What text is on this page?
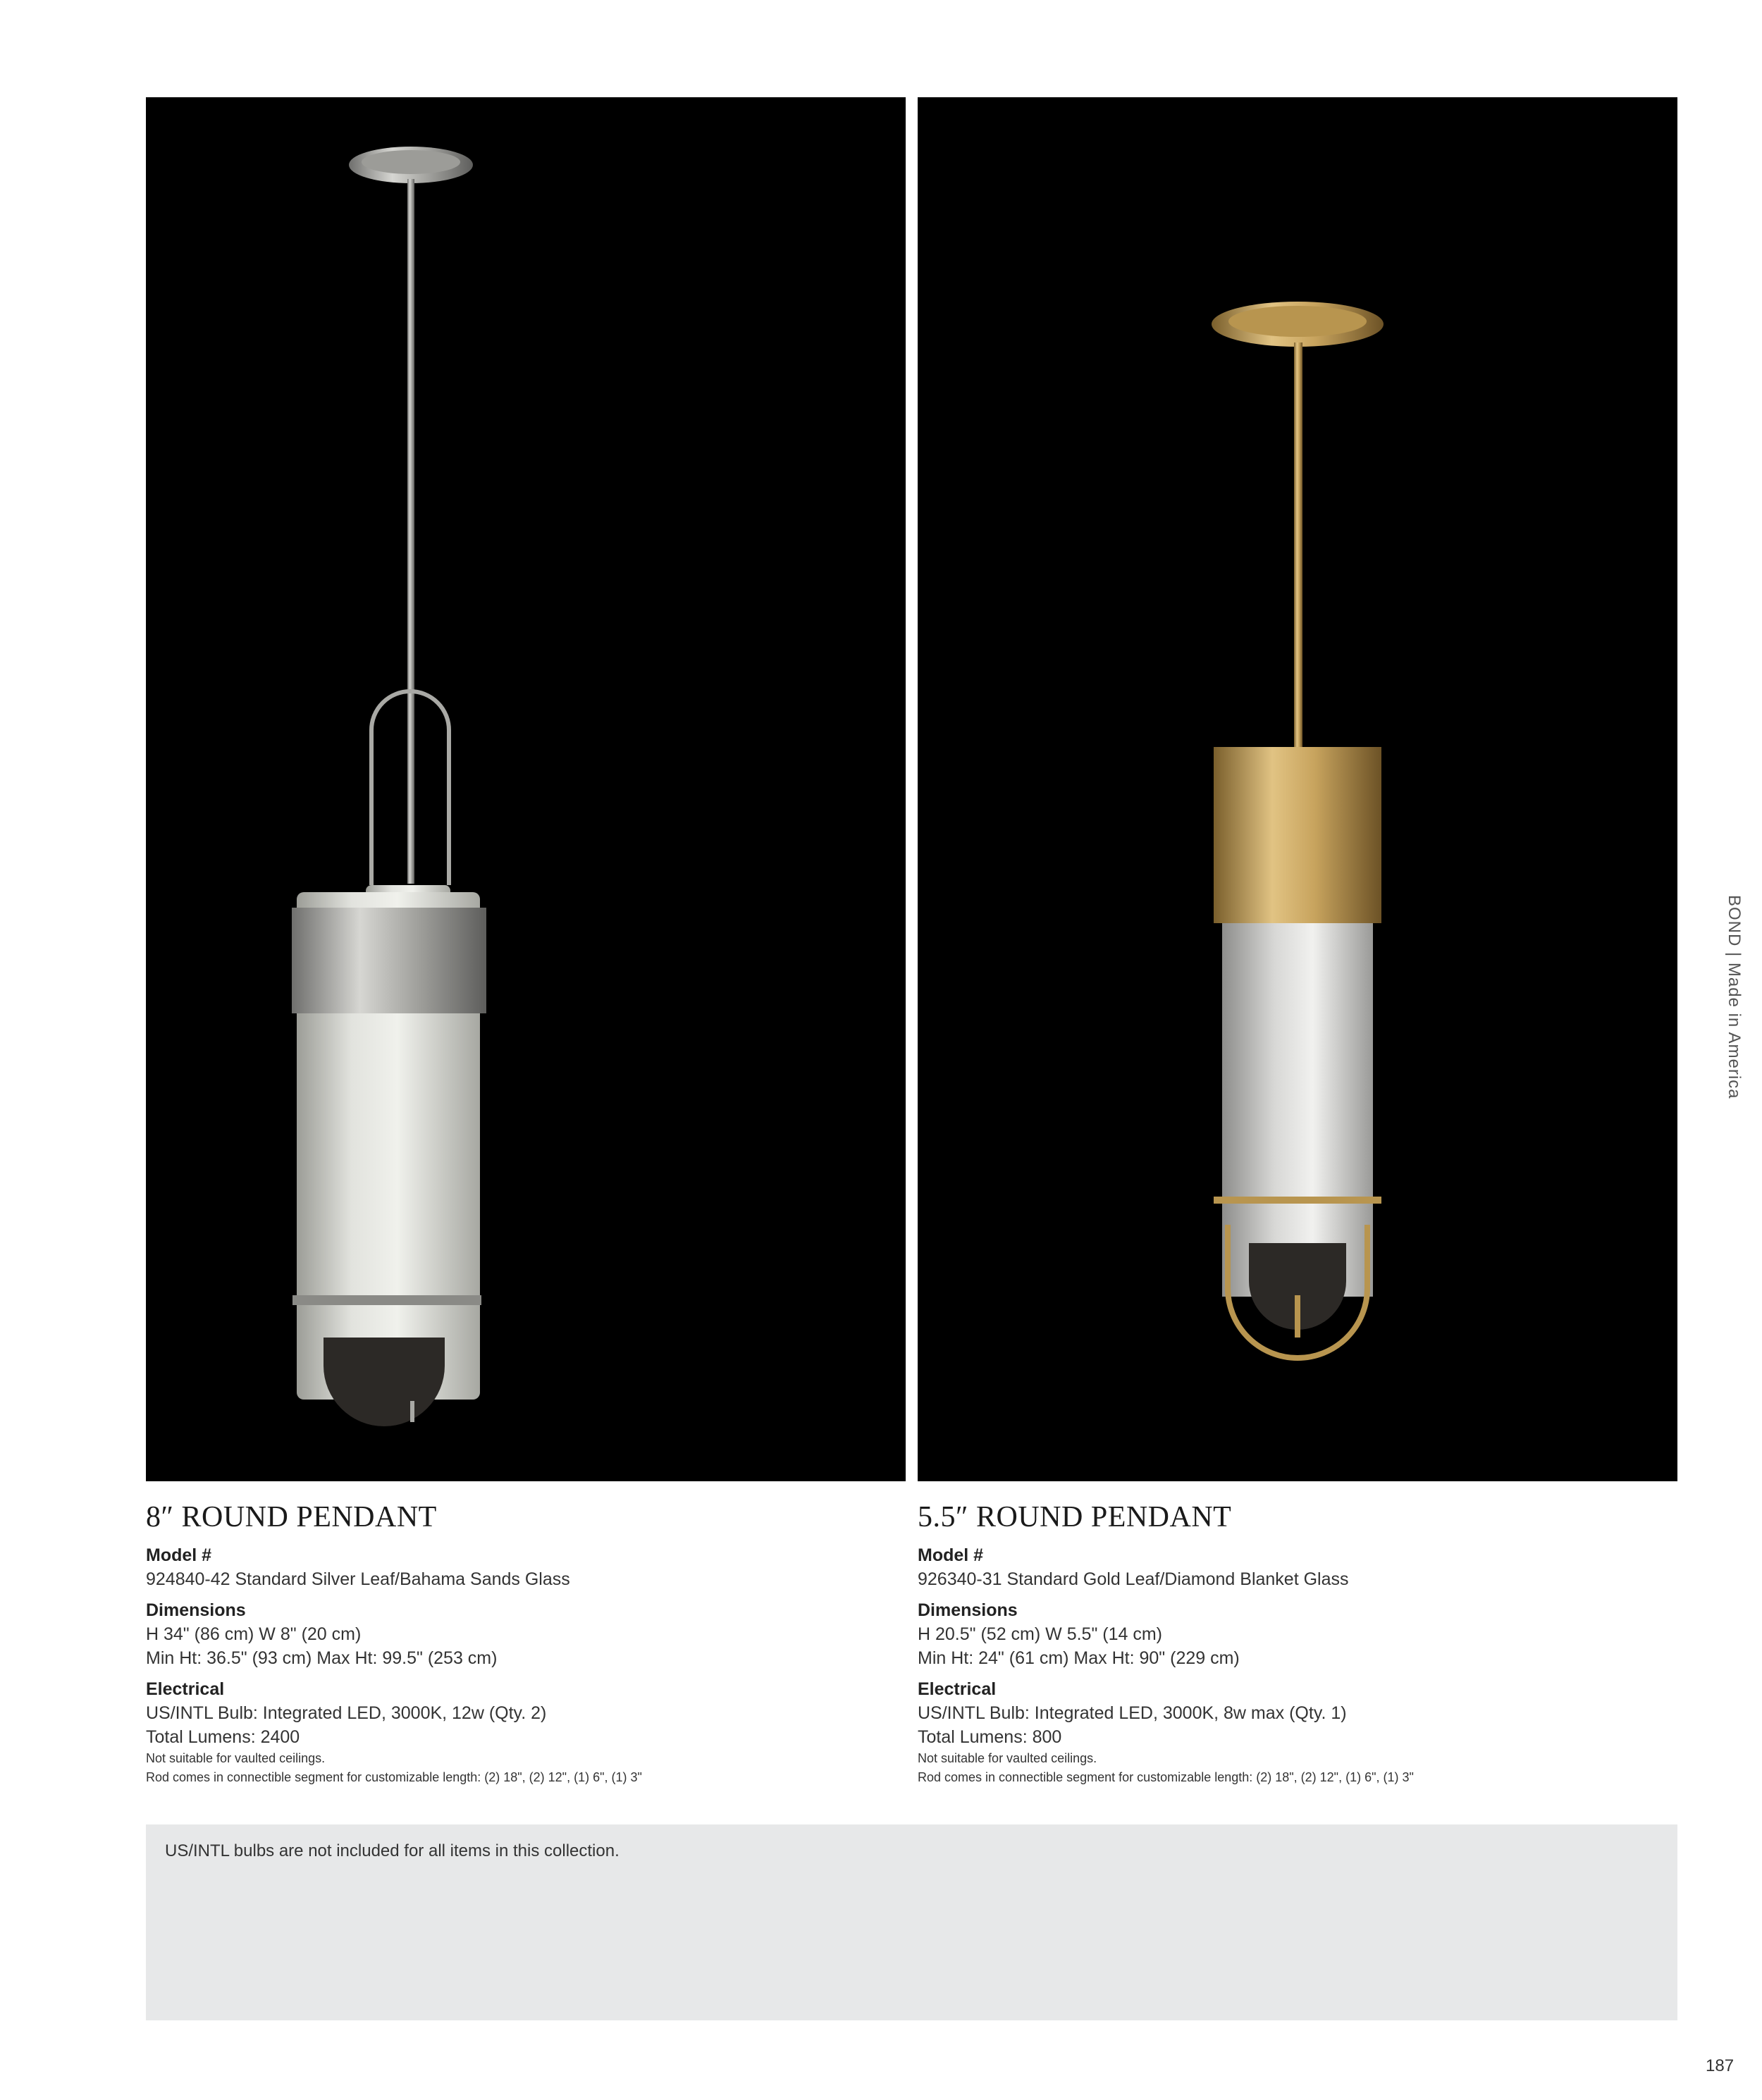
8″ ROUND PENDANT
Model #
924840-42 Standard Silver Leaf/Bahama Sands Glass
Dimensions
H 34" (86 cm) W 8" (20 cm)
Min Ht: 36.5" (93 cm) Max Ht: 99.5" (253 cm)
Electrical
US/INTL Bulb: Integrated LED, 3000K, 12w (Qty. 2)
Total Lumens: 2400
Not suitable for vaulted ceilings.
Rod comes in connectible segment for customizable length: (2) 18", (2) 12", (1) 6", (1) 3"
5.5″ ROUND PENDANT
Model #
926340-31 Standard Gold Leaf/Diamond Blanket Glass
Dimensions
H 20.5" (52 cm) W 5.5" (14 cm)
Min Ht: 24" (61 cm) Max Ht: 90" (229 cm)
Electrical
US/INTL Bulb: Integrated LED, 3000K, 8w max (Qty. 1)
Total Lumens: 800
Not suitable for vaulted ceilings.
Rod comes in connectible segment for customizable length: (2) 18", (2) 12", (1) 6", (1) 3"
US/INTL bulbs are not included for all items in this collection.
BOND | Made in America
187
